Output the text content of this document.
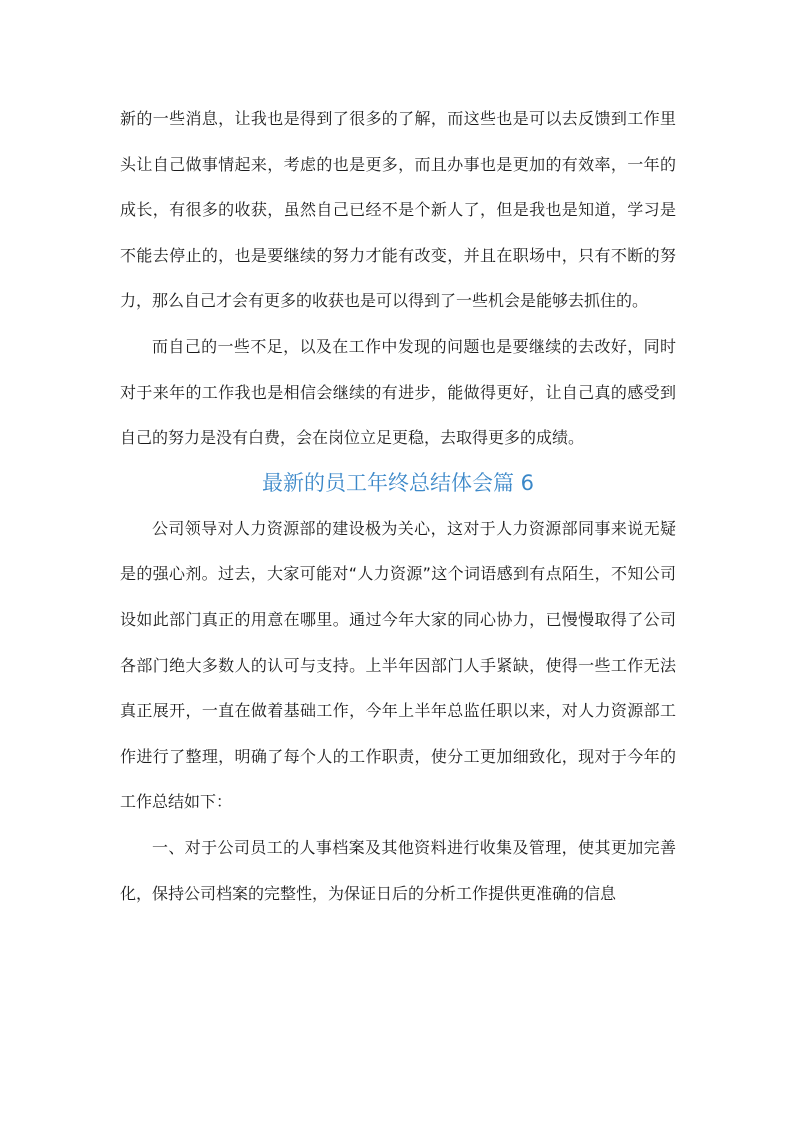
新的一些消息，让我也是得到了很多的了解，而这些也是可以去反馈到工作里头让自己做事情起来，考虑的也是更多，而且办事也是更加的有效率，一年的成长，有很多的收获，虽然自己已经不是个新人了，但是我也是知道，学习是不能去停止的，也是要继续的努力才能有改变，并且在职场中，只有不断的努力，那么自己才会有更多的收获也是可以得到了一些机会是能够去抓住的。

而自己的一些不足，以及在工作中发现的问题也是要继续的去改好，同时对于来年的工作我也是相信会继续的有进步，能做得更好，让自己真的感受到自己的努力是没有白费，会在岗位立足更稳，去取得更多的成绩。

最新的员工年终总结体会篇 6

公司领导对人力资源部的建设极为关心，这对于人力资源部同事来说无疑是的强心剂。过去，大家可能对“人力资源”这个词语感到有点陌生，不知公司设如此部门真正的用意在哪里。通过今年大家的同心协力，已慢慢取得了公司各部门绝大多数人的认可与支持。上半年因部门人手紧缺，使得一些工作无法真正展开，一直在做着基础工作，今年上半年总监任职以来，对人力资源部工作进行了整理，明确了每个人的工作职责，使分工更加细致化，现对于今年的工作总结如下：

一、对于公司员工的人事档案及其他资料进行收集及管理，使其更加完善化，保持公司档案的完整性，为保证日后的分析工作提供更准确的信息
